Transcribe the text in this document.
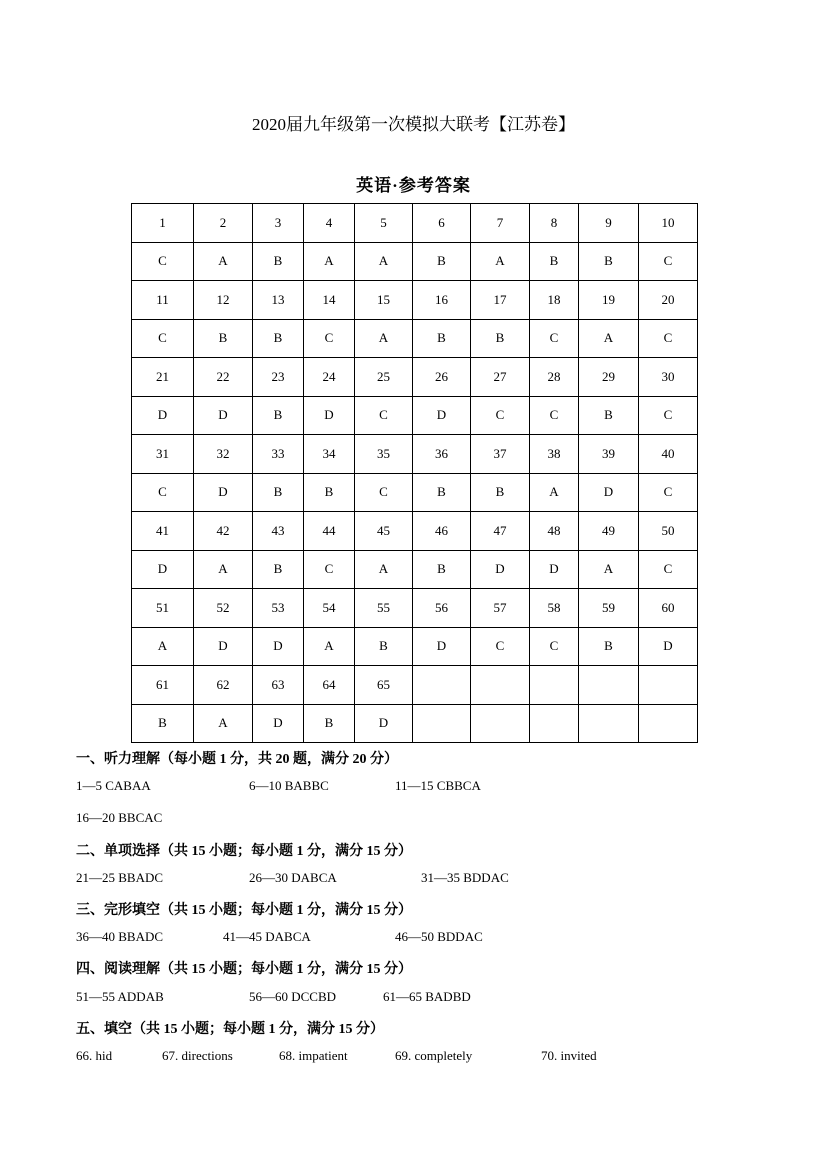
2020届九年级第一次模拟大联考【江苏卷】
英语·参考答案
1	2	3	4	5	6	7	8	9	10
C	A	B	A	A	B	A	B	B	C
11	12	13	14	15	16	17	18	19	20
C	B	B	C	A	B	B	C	A	C
21	22	23	24	25	26	27	28	29	30
D	D	B	D	C	D	C	C	B	C
31	32	33	34	35	36	37	38	39	40
C	D	B	B	C	B	B	A	D	C
41	42	43	44	45	46	47	48	49	50
D	A	B	C	A	B	D	D	A	C
51	52	53	54	55	56	57	58	59	60
A	D	D	A	B	D	C	C	B	D
61	62	63	64	65					
B	A	D	B	D					
一、听力理解（每小题 1 分，共 20 题，满分 20 分）
1—5 CABAA	6—10 BABBC	11—15 CBBCA
16—20 BBCAC
二、单项选择（共 15 小题；每小题 1 分，满分 15 分）
21—25 BBADC	26—30 DABCA	31—35 BDDAC
三、完形填空（共 15 小题；每小题 1 分，满分 15 分）
36—40 BBADC	41—45 DABCA	46—50 BDDAC
四、阅读理解（共 15 小题；每小题 1 分，满分 15 分）
51—55 ADDAB	56—60 DCCBD	61—65 BADBD
五、填空（共 15 小题；每小题 1 分，满分 15 分）
66. hid	67. directions	68. impatient	69. completely	70. invited
